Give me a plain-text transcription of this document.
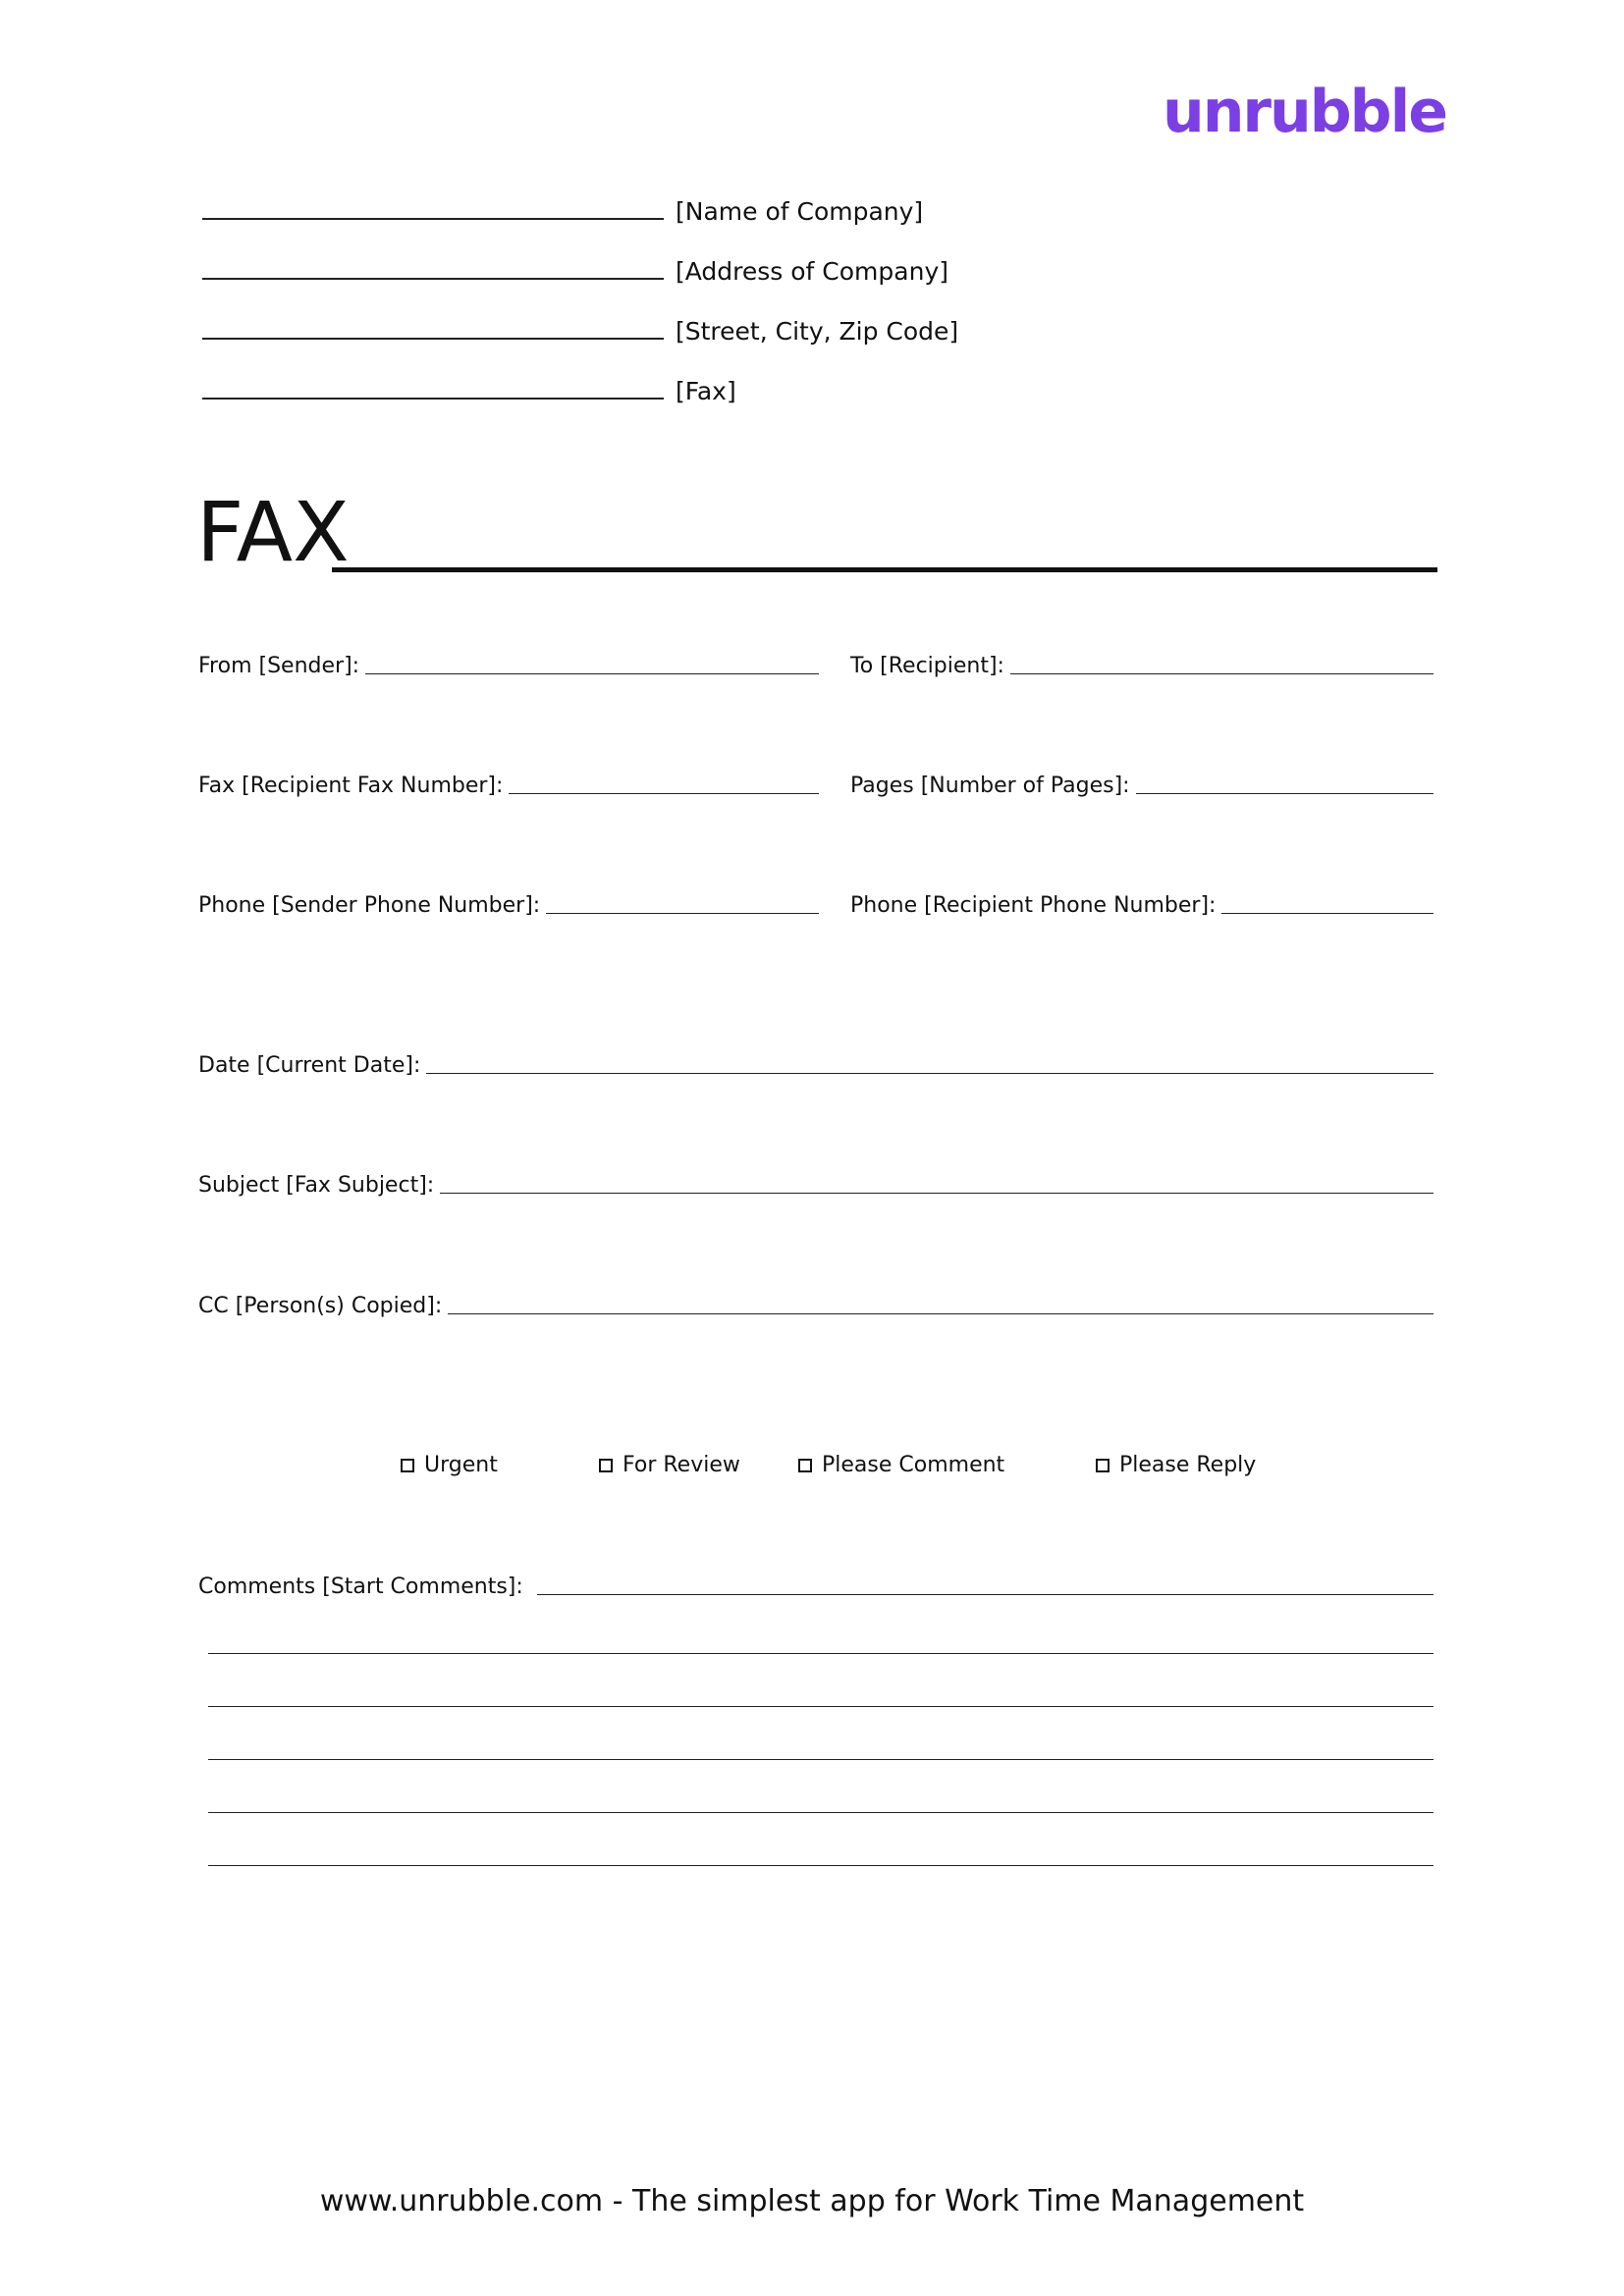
unrubble
[Name of Company]
[Address of Company]
[Street, City, Zip Code]
[Fax]
FAX
From [Sender]:	To [Recipient]:
Fax [Recipient Fax Number]:	Pages [Number of Pages]:
Phone [Sender Phone Number]:	Phone [Recipient Phone Number]:
Date [Current Date]:
Subject [Fax Subject]:
CC [Person(s) Copied]:
Urgent	For Review	Please Comment	Please Reply
Comments [Start Comments]:
www.unrubble.com - The simplest app for Work Time Management
